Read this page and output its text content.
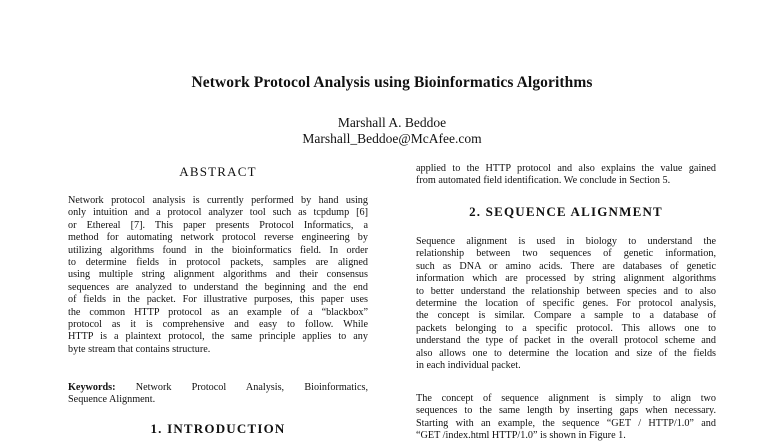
Network Protocol Analysis using Bioinformatics Algorithms
Marshall A. Beddoe
Marshall_Beddoe@McAfee.com
ABSTRACT
Network protocol analysis is currently performed by hand using
only intuition and a protocol analyzer tool such as tcpdump [6]
or Ethereal [7]. This paper presents Protocol Informatics, a
method for automating network protocol reverse engineering by
utilizing algorithms found in the bioinformatics field. In order
to determine fields in protocol packets, samples are aligned
using multiple string alignment algorithms and their consensus
sequences are analyzed to understand the beginning and the end
of fields in the packet. For illustrative purposes, this paper uses
the common HTTP protocol as an example of a “blackbox”
protocol as it is comprehensive and easy to follow. While
HTTP is a plaintext protocol, the same principle applies to any
byte stream that contains structure.
Keywords: Network Protocol Analysis, Bioinformatics,
Sequence Alignment.
1. INTRODUCTION
applied to the HTTP protocol and also explains the value gained
from automated field identification. We conclude in Section 5.
2. SEQUENCE ALIGNMENT
Sequence alignment is used in biology to understand the
relationship between two sequences of genetic information,
such as DNA or amino acids. There are databases of genetic
information which are processed by string alignment algorithms
to better understand the relationship between species and to also
determine the location of specific genes. For protocol analysis,
the concept is similar. Compare a sample to a database of
packets belonging to a specific protocol. This allows one to
understand the type of packet in the overall protocol scheme and
also allows one to determine the location and size of the fields
in each individual packet.
The concept of sequence alignment is simply to align two
sequences to the same length by inserting gaps when necessary.
Starting with an example, the sequence “GET / HTTP/1.0” and
“GET /index.html HTTP/1.0” is shown in Figure 1.
